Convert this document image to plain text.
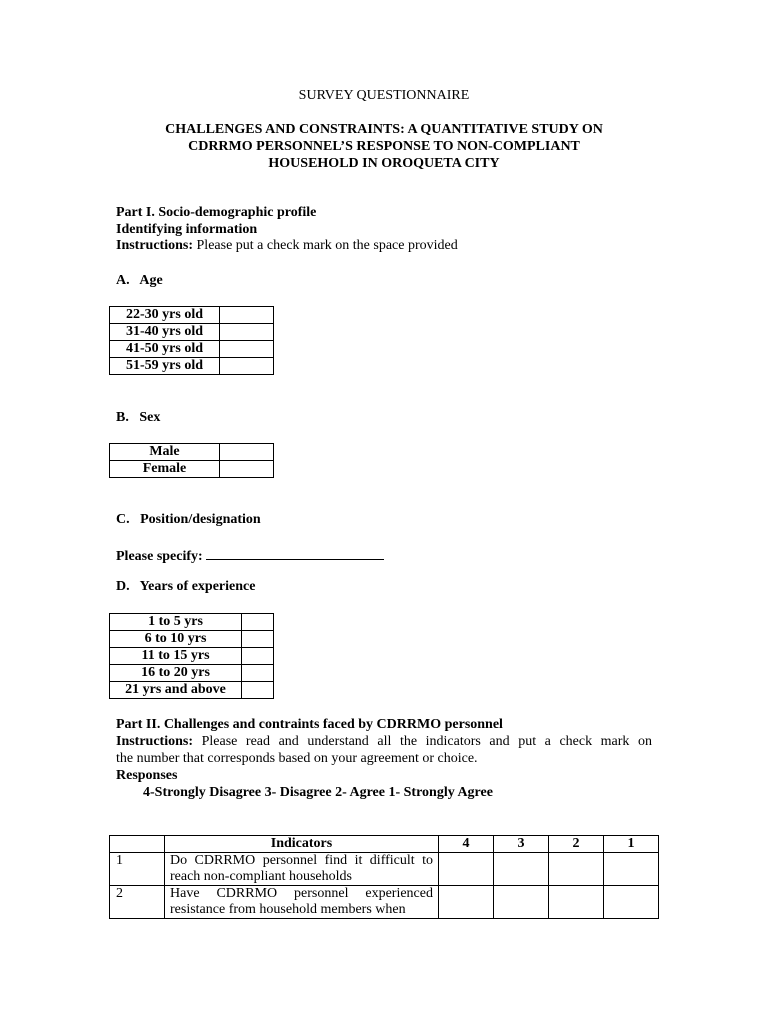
SURVEY QUESTIONNAIRE
CHALLENGES AND CONSTRAINTS: A QUANTITATIVE STUDY ON
CDRRMO PERSONNEL’S RESPONSE TO NON-COMPLIANT
HOUSEHOLD IN OROQUETA CITY
Part I. Socio-demographic profile
Identifying information
Instructions: Please put a check mark on the space provided
A.   Age
22-30 yrs old	
31-40 yrs old	
41-50 yrs old	
51-59 yrs old	
B.   Sex
Male	
Female	
C.   Position/designation
Please specify:
D.   Years of experience
1 to 5 yrs	
6 to 10 yrs	
11 to 15 yrs	
16 to 20 yrs	
21 yrs and above	
Part II. Challenges and contraints faced by CDRRMO personnel
Instructions: Please read and understand all the indicators and put a check mark on
the number that corresponds based on your agreement or choice.
Responses
4-Strongly Disagree 3- Disagree 2- Agree 1- Strongly Agree
	Indicators	4	3	2	1
1	Do CDRRMO personnel find it difficult to reach non-compliant households				
2	Have CDRRMO personnel experienced resistance from household members when				
